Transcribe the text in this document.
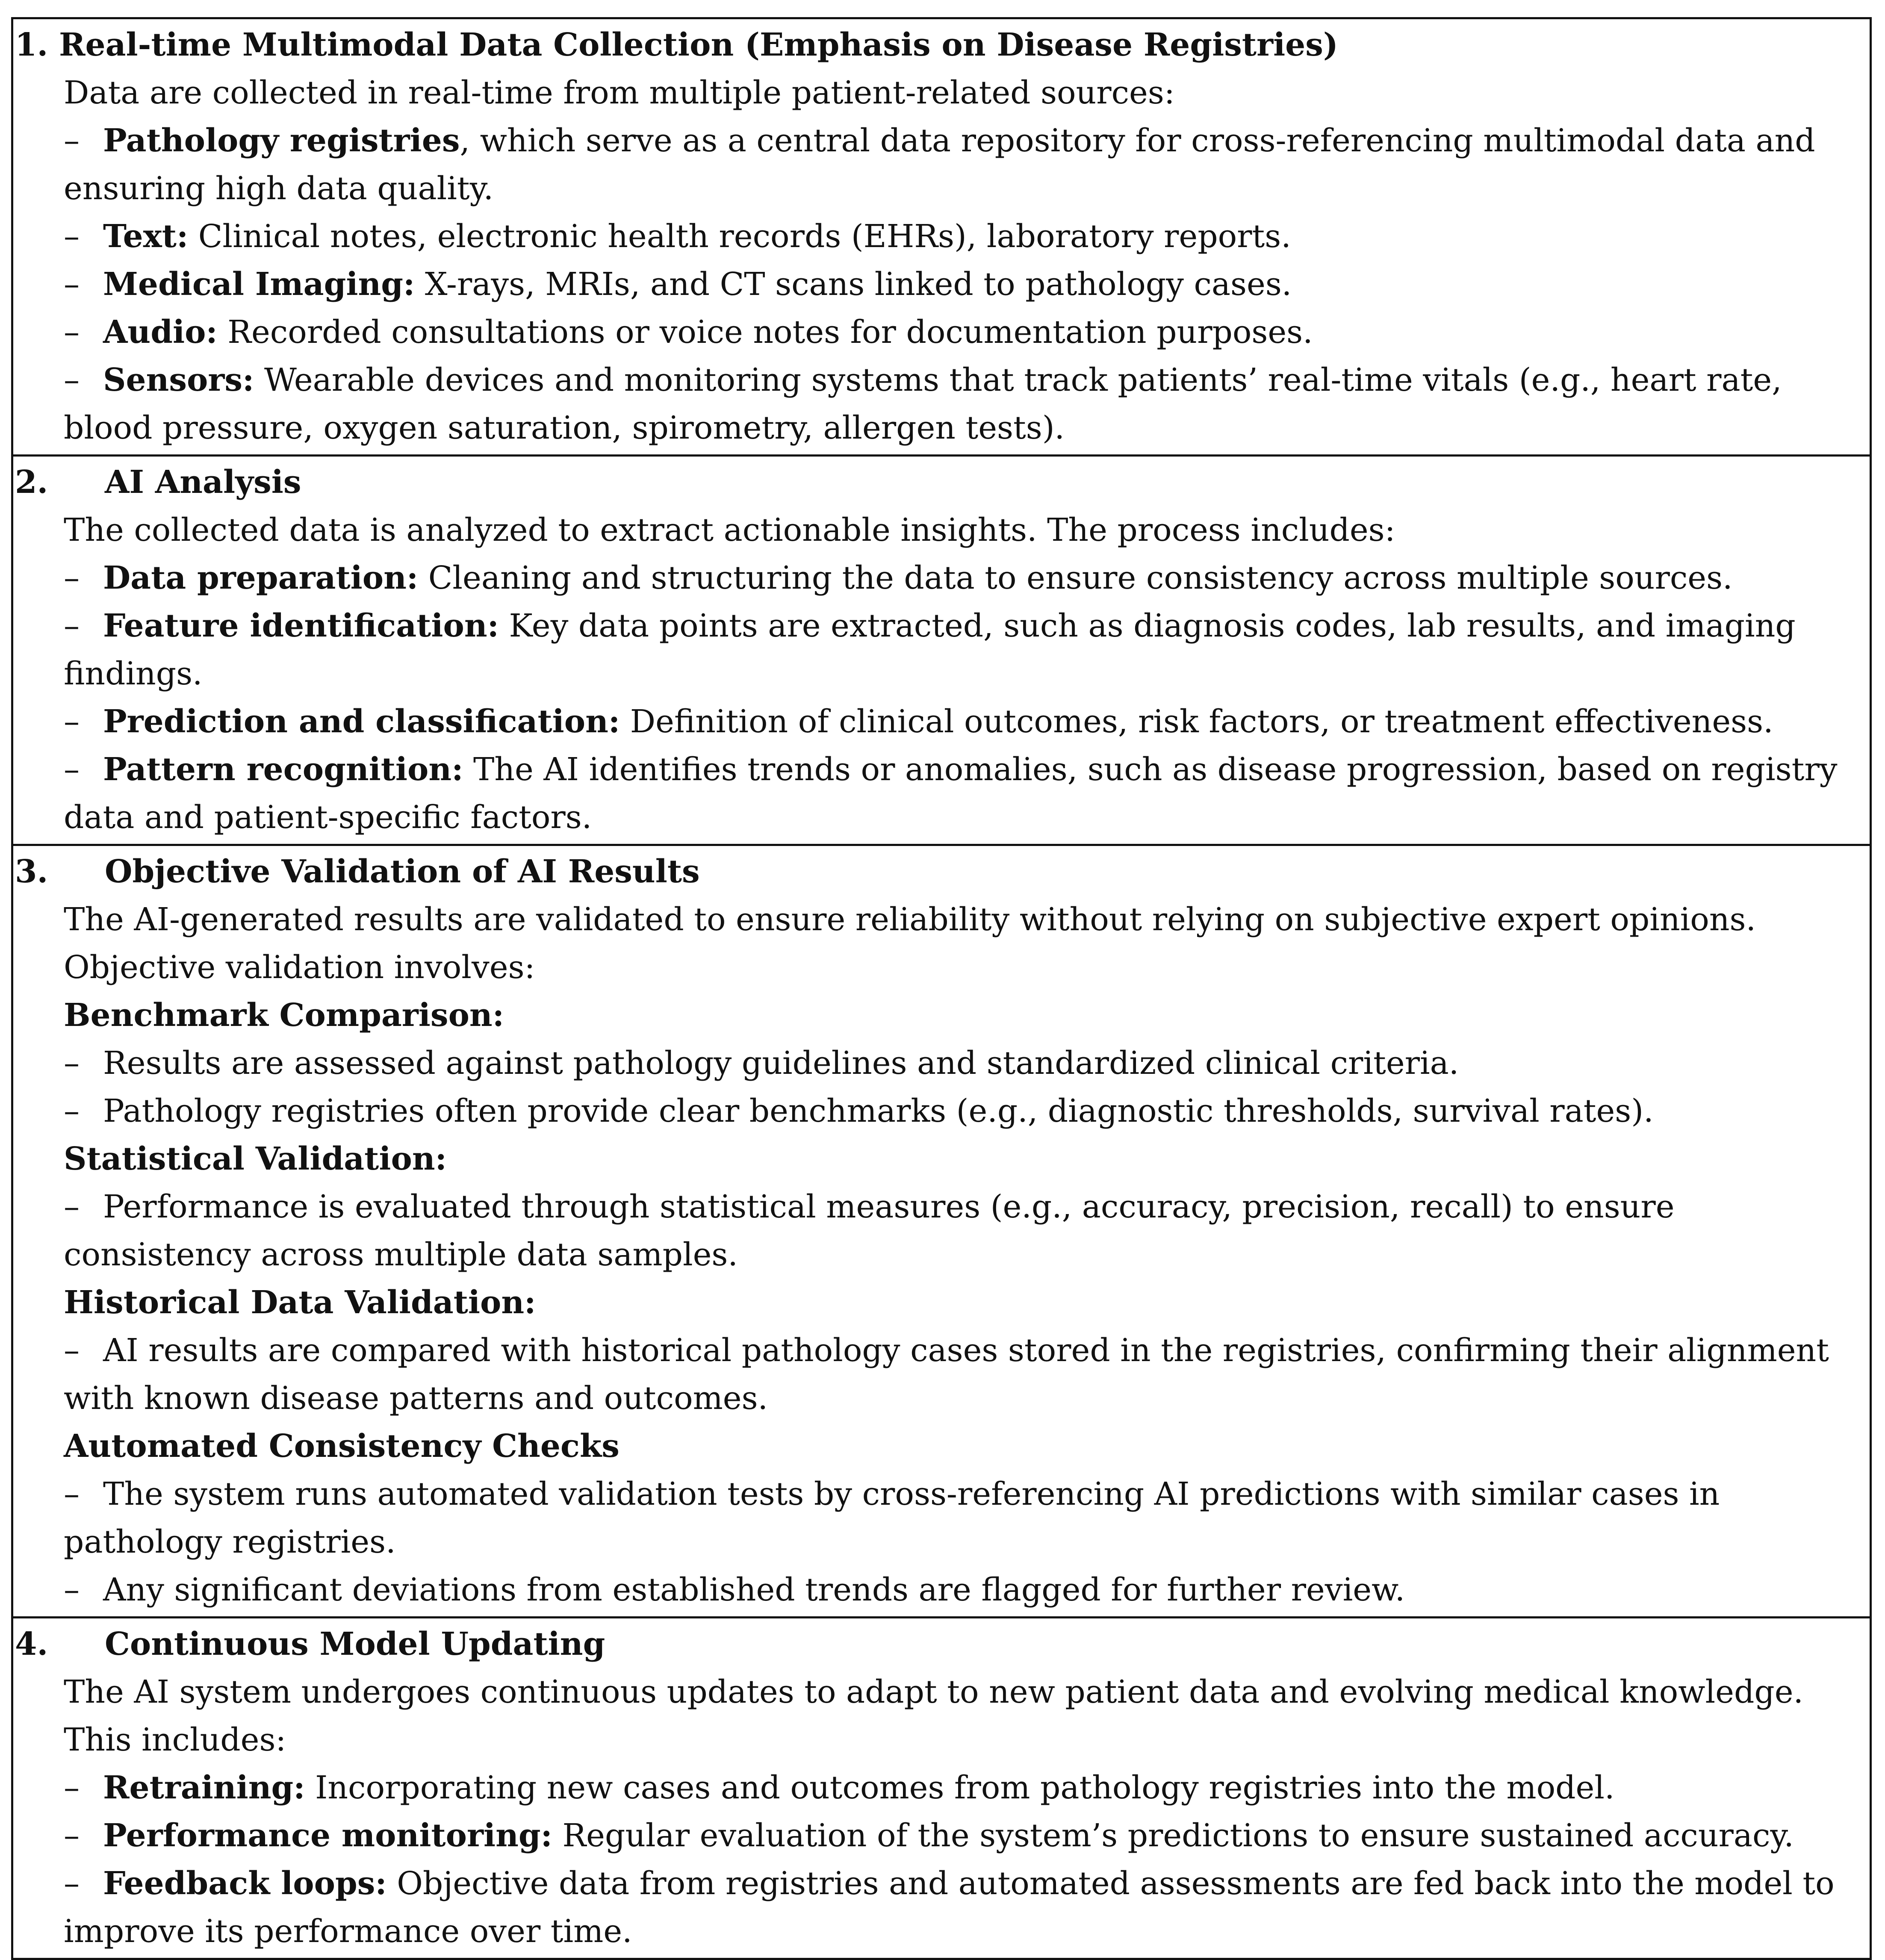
1. Real-time Multimodal Data Collection (Emphasis on Disease Registries)
Data are collected in real-time from multiple patient-related sources:
– Pathology registries, which serve as a central data repository for cross-referencing multimodal data and ensuring high data quality.
– Text: Clinical notes, electronic health records (EHRs), laboratory reports.
– Medical Imaging: X-rays, MRIs, and CT scans linked to pathology cases.
– Audio: Recorded consultations or voice notes for documentation purposes.
– Sensors: Wearable devices and monitoring systems that track patients’ real-time vitals (e.g., heart rate, blood pressure, oxygen saturation, spirometry, allergen tests).

2. AI Analysis
The collected data is analyzed to extract actionable insights. The process includes:
– Data preparation: Cleaning and structuring the data to ensure consistency across multiple sources.
– Feature identification: Key data points are extracted, such as diagnosis codes, lab results, and imaging findings.
– Prediction and classification: Definition of clinical outcomes, risk factors, or treatment effectiveness.
– Pattern recognition: The AI identifies trends or anomalies, such as disease progression, based on registry data and patient-specific factors.

3. Objective Validation of AI Results
The AI-generated results are validated to ensure reliability without relying on subjective expert opinions. Objective validation involves:
Benchmark Comparison:
– Results are assessed against pathology guidelines and standardized clinical criteria.
– Pathology registries often provide clear benchmarks (e.g., diagnostic thresholds, survival rates).
Statistical Validation:
– Performance is evaluated through statistical measures (e.g., accuracy, precision, recall) to ensure consistency across multiple data samples.
Historical Data Validation:
– AI results are compared with historical pathology cases stored in the registries, confirming their alignment with known disease patterns and outcomes.
Automated Consistency Checks
– The system runs automated validation tests by cross-referencing AI predictions with similar cases in pathology registries.
– Any significant deviations from established trends are flagged for further review.

4. Continuous Model Updating
The AI system undergoes continuous updates to adapt to new patient data and evolving medical knowledge. This includes:
– Retraining: Incorporating new cases and outcomes from pathology registries into the model.
– Performance monitoring: Regular evaluation of the system’s predictions to ensure sustained accuracy.
– Feedback loops: Objective data from registries and automated assessments are fed back into the model to improve its performance over time.
